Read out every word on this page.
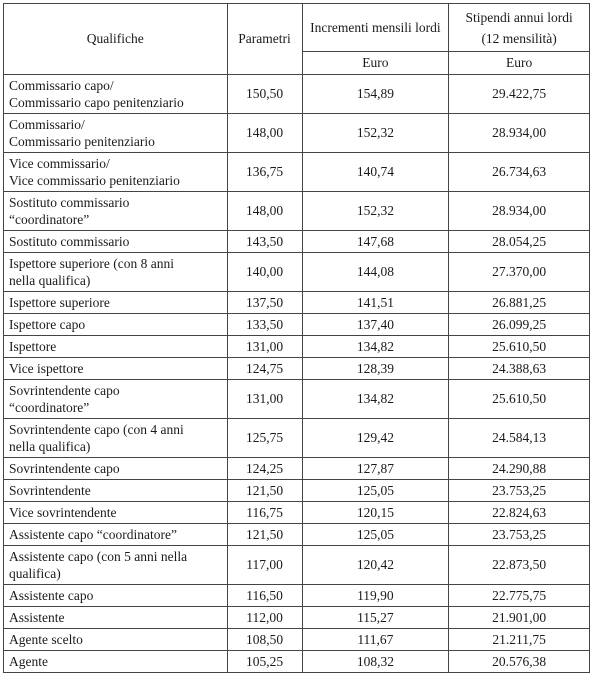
Qualifiche	Parametri	Incrementi mensili lordi	Stipendi annui lordi
(12 mensilità)

		Euro	Euro

Commissario capo/
Commissario capo penitenziario	150,50	154,89	29.422,75

Commissario/
Commissario penitenziario	148,00	152,32	28.934,00

Vice commissario/
Vice commissario penitenziario	136,75	140,74	26.734,63

Sostituto commissario
“coordinatore”	148,00	152,32	28.934,00

Sostituto commissario	143,50	147,68	28.054,25

Ispettore superiore (con 8 anni
nella qualifica)	140,00	144,08	27.370,00

Ispettore superiore	137,50	141,51	26.881,25

Ispettore capo	133,50	137,40	26.099,25

Ispettore	131,00	134,82	25.610,50

Vice ispettore	124,75	128,39	24.388,63

Sovrintendente capo
“coordinatore”	131,00	134,82	25.610,50

Sovrintendente capo (con 4 anni
nella qualifica)	125,75	129,42	24.584,13

Sovrintendente capo	124,25	127,87	24.290,88

Sovrintendente	121,50	125,05	23.753,25

Vice sovrintendente	116,75	120,15	22.824,63

Assistente capo “coordinatore”	121,50	125,05	23.753,25

Assistente capo (con 5 anni nella
qualifica)	117,00	120,42	22.873,50

Assistente capo	116,50	119,90	22.775,75

Assistente	112,00	115,27	21.901,00

Agente scelto	108,50	111,67	21.211,75

Agente	105,25	108,32	20.576,38
